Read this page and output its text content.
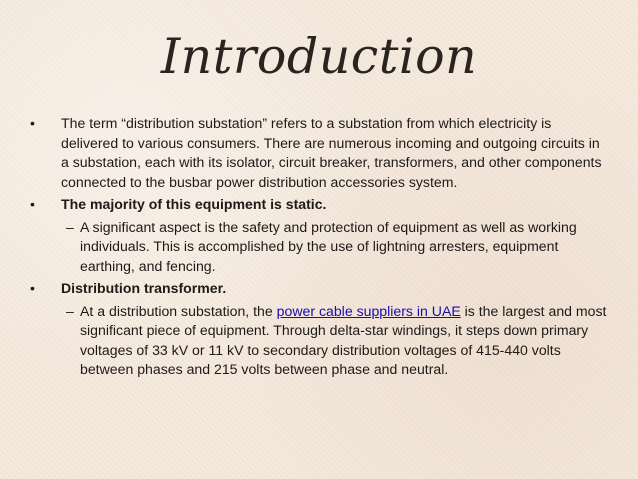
Introduction
•	The term “distribution substation” refers to a substation from which electricity is delivered to various consumers. There are numerous incoming and outgoing circuits in a substation, each with its isolator, circuit breaker, transformers, and other components connected to the busbar power distribution accessories system.
•	The majority of this equipment is static.
– A significant aspect is the safety and protection of equipment as well as working individuals. This is accomplished by the use of lightning arresters, equipment earthing, and fencing.
•	Distribution transformer.
– At a distribution substation, the power cable suppliers in UAE is the largest and most significant piece of equipment. Through delta-star windings, it steps down primary voltages of 33 kV or 11 kV to secondary distribution voltages of 415-440 volts between phases and 215 volts between phase and neutral.
